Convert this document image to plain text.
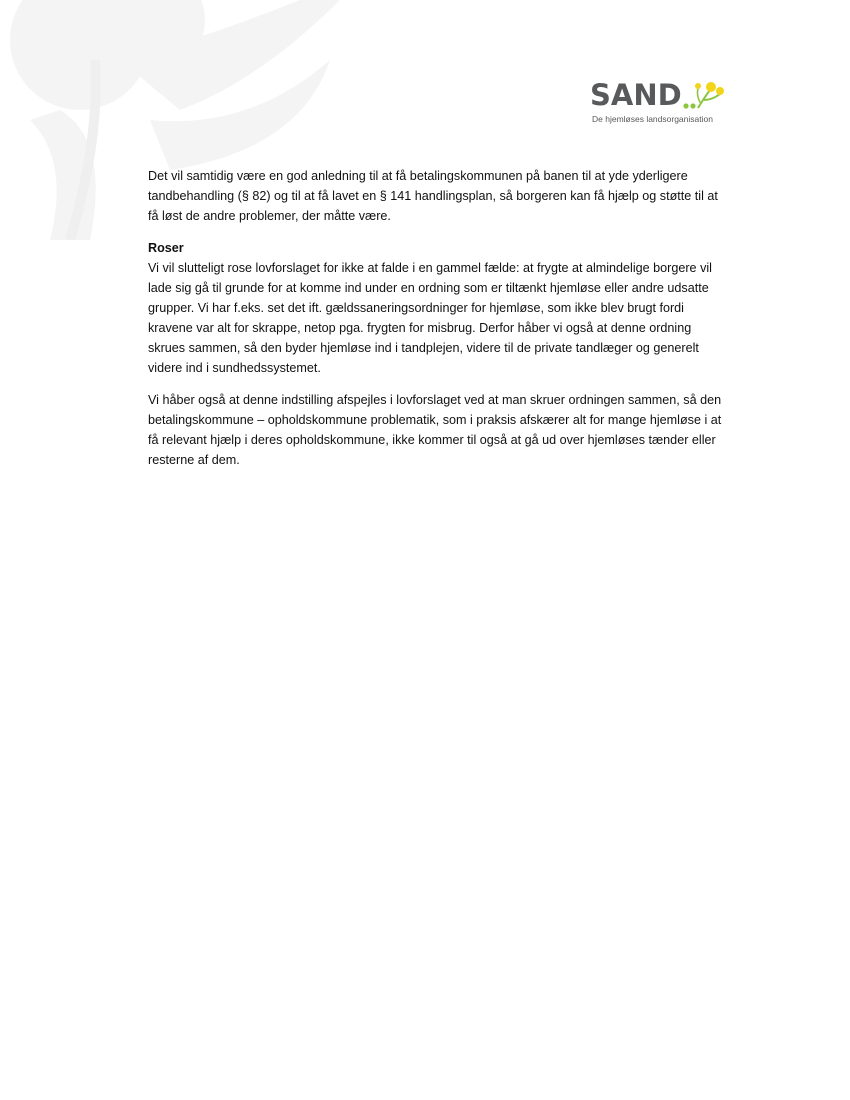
SAND
De hjemløses landsorganisation

Det vil samtidig være en god anledning til at få betalingskommunen på banen til at yde yderligere tandbehandling (§ 82) og til at få lavet en § 141 handlingsplan, så borgeren kan få hjælp og støtte til at få løst de andre problemer, der måtte være.

Roser
Vi vil slutteligt rose lovforslaget for ikke at falde i en gammel fælde: at frygte at almindelige borgere vil lade sig gå til grunde for at komme ind under en ordning som er tiltænkt hjemløse eller andre udsatte grupper. Vi har f.eks. set det ift. gældssaneringsordninger for hjemløse, som ikke blev brugt fordi kravene var alt for skrappe, netop pga. frygten for misbrug. Derfor håber vi også at denne ordning skrues sammen, så den byder hjemløse ind i tandplejen, videre til de private tandlæger og generelt videre ind i sundhedssystemet.

Vi håber også at denne indstilling afspejles i lovforslaget ved at man skruer ordningen sammen, så den betalingskommune – opholdskommune problematik, som i praksis afskærer alt for mange hjemløse i at få relevant hjælp i deres opholdskommune, ikke kommer til også at gå ud over hjemløses tænder eller resterne af dem.
